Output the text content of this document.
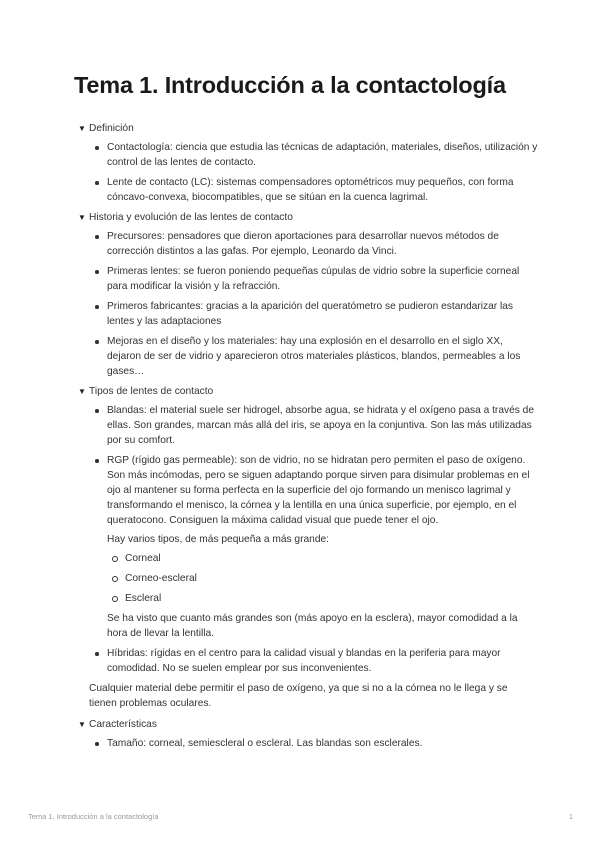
Tema 1. Introducción a la contactología
▼ Definición
Contactología: ciencia que estudia las técnicas de adaptación, materiales, diseños, utilización y control de las lentes de contacto.
Lente de contacto (LC): sistemas compensadores optométricos muy pequeños, con forma cóncavo-convexa, biocompatibles, que se sitúan en la cuenca lagrimal.
▼ Historia y evolución de las lentes de contacto
Precursores: pensadores que dieron aportaciones para desarrollar nuevos métodos de corrección distintos a las gafas. Por ejemplo, Leonardo da Vinci.
Primeras lentes: se fueron poniendo pequeñas cúpulas de vidrio sobre la superficie corneal para modificar la visión y la refracción.
Primeros fabricantes: gracias a la aparición del queratómetro se pudieron estandarizar las lentes y las adaptaciones
Mejoras en el diseño y los materiales: hay una explosión en el desarrollo en el siglo XX, dejaron de ser de vidrio y aparecieron otros materiales plásticos, blandos, permeables a los gases…
▼ Tipos de lentes de contacto
Blandas: el material suele ser hidrogel, absorbe agua, se hidrata y el oxígeno pasa a través de ellas. Son grandes, marcan más allá del iris, se apoya en la conjuntiva. Son las más utilizadas por su comfort.
RGP (rígido gas permeable): son de vidrio, no se hidratan pero permiten el paso de oxígeno. Son más incómodas, pero se siguen adaptando porque sirven para disimular problemas en el ojo al mantener su forma perfecta en la superficie del ojo formando un menisco lagrimal y transformando el menisco, la córnea y la lentilla en una única superficie, por ejemplo, en el queratocono. Consiguen la máxima calidad visual que puede tener el ojo.
Hay varios tipos, de más pequeña a más grande:
Corneal
Corneo-escleral
Escleral
Se ha visto que cuanto más grandes son (más apoyo en la esclera), mayor comodidad a la hora de llevar la lentilla.
Híbridas: rígidas en el centro para la calidad visual y blandas en la periferia para mayor comodidad. No se suelen emplear por sus inconvenientes.

Cualquier material debe permitir el paso de oxígeno, ya que si no a la córnea no le llega y se tienen problemas oculares.

▼ Características
Tamaño: corneal, semiescleral o escleral. Las blandas son esclerales.
Tema 1. Introducción a la contactología	1
